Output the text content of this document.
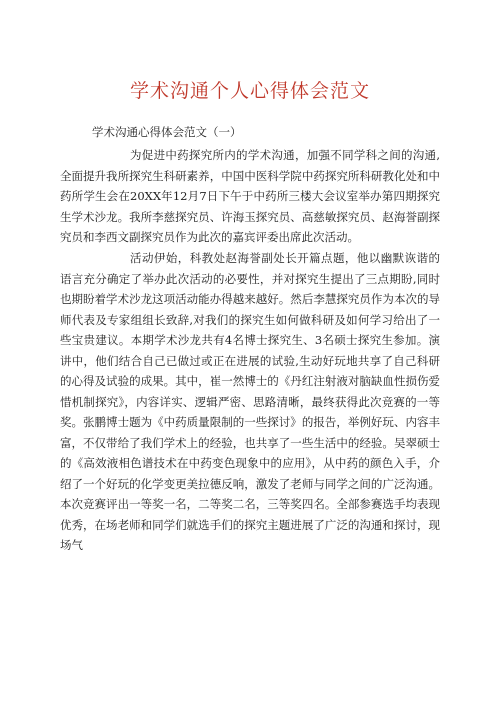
学术沟通个人心得体会范文
学术沟通心得体会范文（一）

为促进中药探究所内的学术沟通，加强不同学科之间的沟通,全面提升我所探究生科研素养，中国中医科学院中药探究所科研教化处和中药所学生会在20XX年12月7日下午于中药所三楼大会议室举办第四期探究生学术沙龙。我所李慈探究员、许海玉探究员、高慈敏探究员、赵海誉副探究员和李西文副探究员作为此次的嘉宾评委出席此次活动。

活动伊始，科教处赵海誉副处长开篇点题，他以幽默诙谐的语言充分确定了举办此次活动的必要性，并对探究生提出了三点期盼,同时也期盼着学术沙龙这项活动能办得越来越好。然后李慧探究员作为本次的导师代表及专家组组长致辞,对我们的探究生如何做科研及如何学习给出了一些宝贵建议。本期学术沙龙共有4名博士探究生、3名硕士探究生参加。演讲中，他们结合自己已做过或正在进展的试验,生动好玩地共享了自己科研的心得及试验的成果。其中，崔一然博士的《丹红注射液对脑缺血性损伤爱惜机制探究》，内容详实、逻辑严密、思路清晰，最终获得此次竞赛的一等奖。张鹏博士题为《中药质量限制的一些探讨》的报告，举例好玩、内容丰富，不仅带给了我们学术上的经验，也共享了一些生活中的经验。吴翠硕士的《高效液相色谱技术在中药变色现象中的应用》，从中药的颜色入手，介绍了一个好玩的化学变更美拉德反响，激发了老师与同学之间的广泛沟通。本次竞赛评出一等奖一名，二等奖二名，三等奖四名。全部参赛选手均表现优秀，在场老师和同学们就选手们的探究主题进展了广泛的沟通和探讨，现场气
